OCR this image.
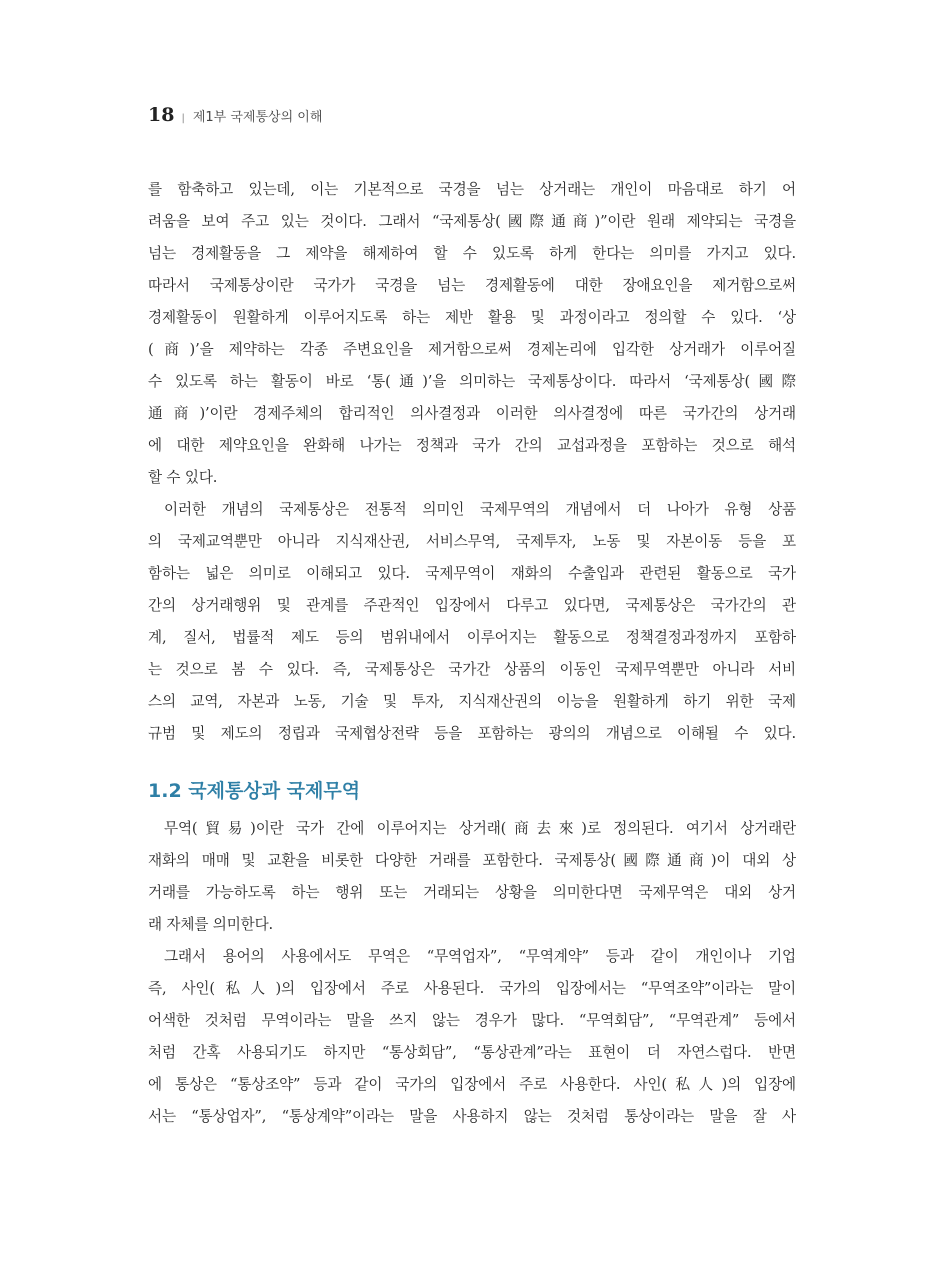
18 | 제1부 국제통상의 이해
를 함축하고 있는데, 이는 기본적으로 국경을 넘는 상거래는 개인이 마음대로 하기 어
려움을 보여 주고 있는 것이다. 그래서 “국제통상(國際通商)”이란 원래 제약되는 국경을
넘는 경제활동을 그 제약을 해제하여 할 수 있도록 하게 한다는 의미를 가지고 있다.
따라서 국제통상이란 국가가 국경을 넘는 경제활동에 대한 장애요인을 제거함으로써
경제활동이 원활하게 이루어지도록 하는 제반 활용 및 과정이라고 정의할 수 있다. ‘상
(商)’을 제약하는 각종 주변요인을 제거함으로써 경제논리에 입각한 상거래가 이루어질
수 있도록 하는 활동이 바로 ‘통(通)’을 의미하는 국제통상이다. 따라서 ‘국제통상(國際
通商)’이란 경제주체의 합리적인 의사결정과 이러한 의사결정에 따른 국가간의 상거래
에 대한 제약요인을 완화해 나가는 정책과 국가 간의 교섭과정을 포함하는 것으로 해석
할 수 있다.
이러한 개념의 국제통상은 전통적 의미인 국제무역의 개념에서 더 나아가 유형 상품
의 국제교역뿐만 아니라 지식재산권, 서비스무역, 국제투자, 노동 및 자본이동 등을 포
함하는 넓은 의미로 이해되고 있다. 국제무역이 재화의 수출입과 관련된 활동으로 국가
간의 상거래행위 및 관계를 주관적인 입장에서 다루고 있다면, 국제통상은 국가간의 관
계, 질서, 법률적 제도 등의 범위내에서 이루어지는 활동으로 정책결정과정까지 포함하
는 것으로 봄 수 있다. 즉, 국제통상은 국가간 상품의 이동인 국제무역뿐만 아니라 서비
스의 교역, 자본과 노동, 기술 및 투자, 지식재산권의 이능을 원활하게 하기 위한 국제
규범 및 제도의 정립과 국제협상전략 등을 포함하는 광의의 개념으로 이해될 수 있다.
1.2 국제통상과 국제무역
무역(貿易)이란 국가 간에 이루어지는 상거래(商去來)로 정의된다. 여기서 상거래란
재화의 매매 및 교환을 비롯한 다양한 거래를 포함한다. 국제통상(國際通商)이 대외 상
거래를 가능하도록 하는 행위 또는 거래되는 상황을 의미한다면 국제무역은 대외 상거
래 자체를 의미한다.
그래서 용어의 사용에서도 무역은 “무역업자”, “무역계약” 등과 같이 개인이나 기업
즉, 사인(私人)의 입장에서 주로 사용된다. 국가의 입장에서는 “무역조약”이라는 말이
어색한 것처럼 무역이라는 말을 쓰지 않는 경우가 많다. “무역회담”, “무역관계” 등에서
처럼 간혹 사용되기도 하지만 “통상회담”, “통상관계”라는 표현이 더 자연스럽다. 반면
에 통상은 “통상조약” 등과 같이 국가의 입장에서 주로 사용한다. 사인(私人)의 입장에
서는 “통상업자”, “통상계약”이라는 말을 사용하지 않는 것처럼 통상이라는 말을 잘 사
